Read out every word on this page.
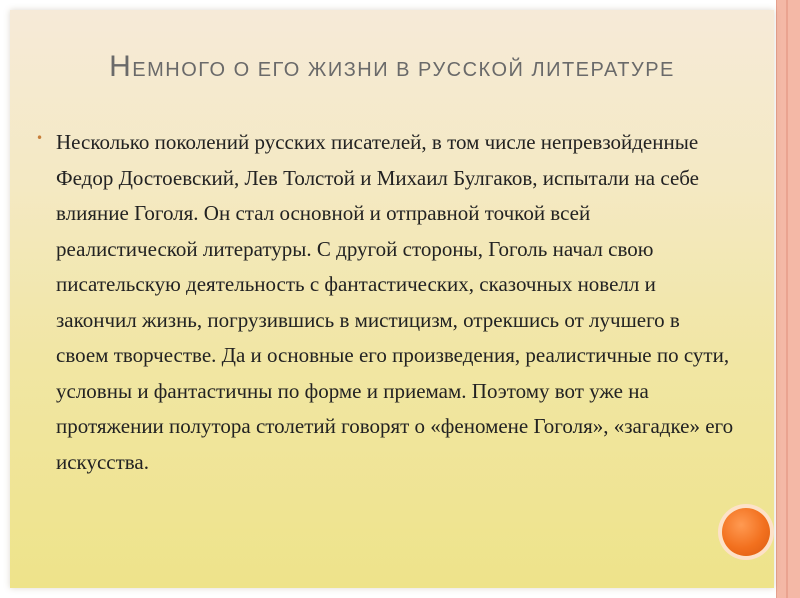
НЕМНОГО О ЕГО ЖИЗНИ В РУССКОЙ ЛИТЕРАТУРЕ
• Несколько поколений русских писателей, в том числе непревзойденные Федор Достоевский, Лев Толстой и Михаил Булгаков, испытали на себе влияние Гоголя. Он стал основной и отправной точкой всей реалистической литературы. С другой стороны, Гоголь начал свою писательскую деятельность с фантастических, сказочных новелл и закончил жизнь, погрузившись в мистицизм, отрекшись от лучшего в своем творчестве. Да и основные его произведения, реалистичные по сути, условны и фантастичны по форме и приемам. Поэтому вот уже на протяжении полутора столетий говорят о «феномене Гоголя», «загадке» его искусства.
